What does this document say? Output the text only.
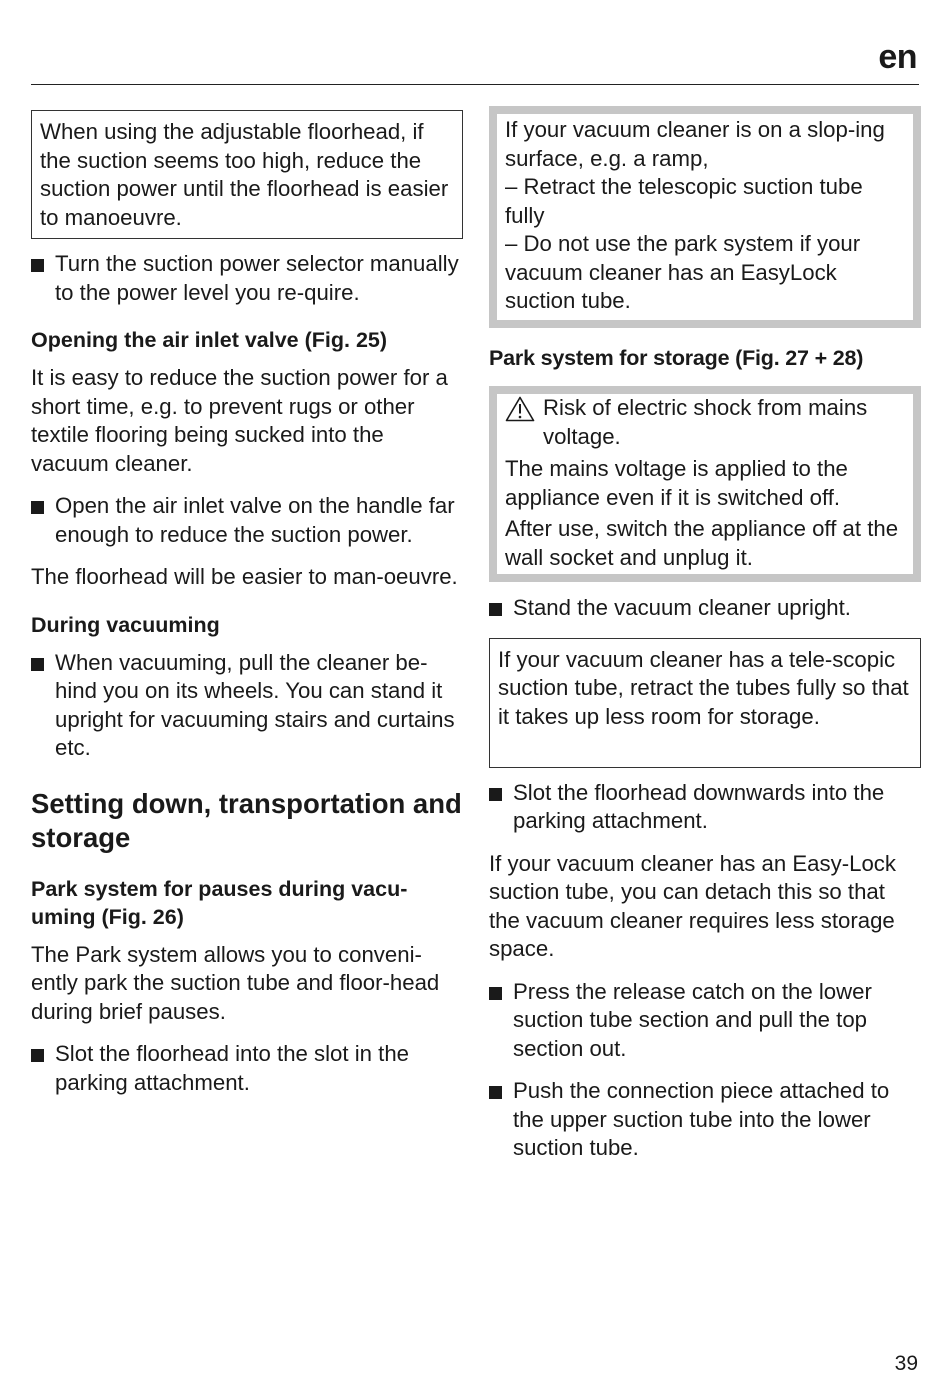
en
When using the adjustable floorhead, if the suction seems too high, reduce the suction power until the floorhead is easier to manoeuvre.
Turn the suction power selector manually to the power level you re-quire.
Opening the air inlet valve (Fig. 25)

It is easy to reduce the suction power for a short time, e.g. to prevent rugs or other textile flooring being sucked into the vacuum cleaner.

Open the air inlet valve on the handle far enough to reduce the suction power.

The floorhead will be easier to man-oeuvre.

During vacuuming
When vacuuming, pull the cleaner be-hind you on its wheels. You can stand it upright for vacuuming stairs and curtains etc.
Setting down, transportation and storage
Park system for pauses during vacu-uming (Fig. 26)

The Park system allows you to conveni-ently park the suction tube and floor-head during brief pauses.

Slot the floorhead into the slot in the parking attachment.
If your vacuum cleaner is on a slop-ing surface, e.g. a ramp,
– Retract the telescopic suction tube fully
– Do not use the park system if your vacuum cleaner has an EasyLock suction tube.
Park system for storage (Fig. 27 + 28)
Risk of electric shock from mains voltage.

The mains voltage is applied to the appliance even if it is switched off.

After use, switch the appliance off at the wall socket and unplug it.

Stand the vacuum cleaner upright.
If your vacuum cleaner has a tele-scopic suction tube, retract the tubes fully so that it takes up less room for storage.
Slot the floorhead downwards into the parking attachment.

If your vacuum cleaner has an Easy-Lock suction tube, you can detach this so that the vacuum cleaner requires less storage space.

Press the release catch on the lower suction tube section and pull the top section out.
Push the connection piece attached to the upper suction tube into the lower suction tube.
39
